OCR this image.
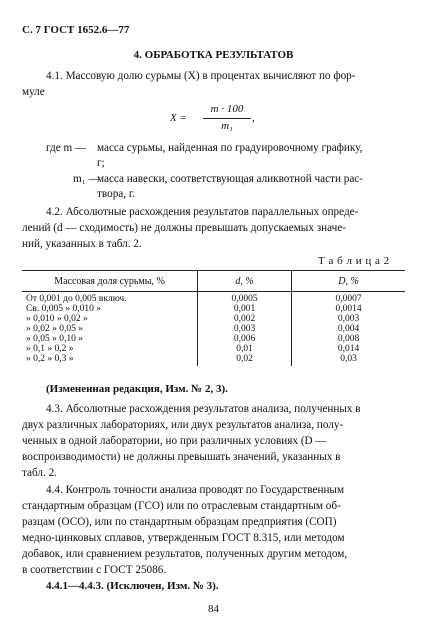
С. 7 ГОСТ 1652.6—77
4. ОБРАБОТКА РЕЗУЛЬТАТОВ
4.1. Массовую долю сурьмы (X) в процентах вычисляют по фор-
муле
X =
m · 100
m₁
,
где m — масса сурьмы, найденная по градуировочному графику,
г;
m₁ —
масса навески, соответствующая аликвотной части рас-
твора, г.
4.2. Абсолютные расхождения результатов параллельных опреде-
лений (d — сходимость) не должны превышать допускаемых значе-
ний, указанных в табл. 2.
Т а б л и ц а 2
Массовая доля сурьмы, %	d, %	D, %
От 0,001 до 0,005 включ.	0,0005	0,0007
Св. 0,005 » 0,010 »	0,001	0,0014
» 0,010 » 0,02 »	0,002	0,003
» 0,02 » 0,05 »	0,003	0,004
» 0,05 » 0,10 »	0,006	0,008
» 0,1 » 0,2 »	0,01	0,014
» 0,2 » 0,3 »	0,02	0,03
(Измененная редакция, Изм. № 2, 3).
4.3. Абсолютные расхождения результатов анализа, полученных в
двух различных лабораториях, или двух результатов анализа, полу-
ченных в одной лаборатории, но при различных условиях (D —
воспроизводимости) не должны превышать значений, указанных в
табл. 2.
4.4. Контроль точности анализа проводят по Государственным
стандартным образцам (ГСО) или по отраслевым стандартным об-
разцам (ОСО), или по стандартным образцам предприятия (СОП)
медно-цинковых сплавов, утвержденным ГОСТ 8.315, или методом
добавок, или сравнением результатов, полученных другим методом,
в соответствии с ГОСТ 25086.
4.4.1—4.4.3. (Исключен, Изм. № 3).
84
